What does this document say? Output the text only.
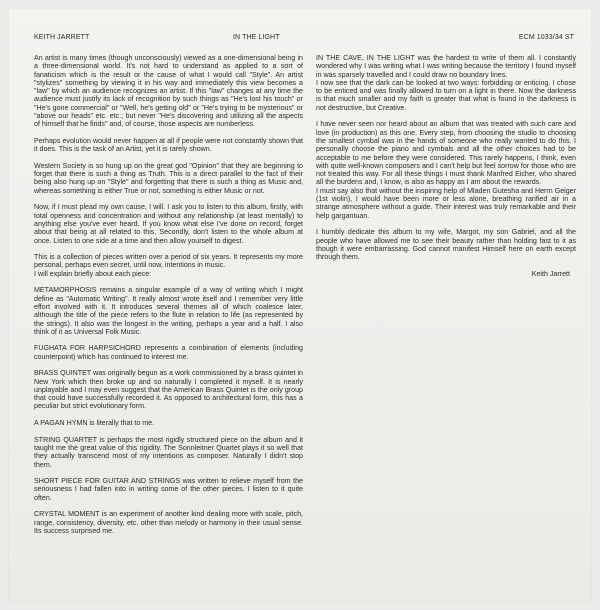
KEITH JARRETT	IN THE LIGHT	ECM 1033/34 ST

An artist is many times (though unconsciously) viewed as a one-dimensional being in a three-dimensional world. It's not hard to understand as applied to a sort of fanaticism which is the result or the cause of what I would call "Style". An artist "stylizes" something by viewing it in his way and immediately this view becomes a "law" by which an audience recognizes an artist. If this "law" changes at any time the audience must justify its lack of recognition by such things as "He's lost his touch" or "He's gone commercial" or "Well, he's getting old" or "He's trying to be mysterious" or "above our heads" etc. etc.; but never "He's discovering and utilizing all the aspects of himself that he finds" and, of course, those aspects are numberless.

Perhaps evolution would never happen at all if people were not constantly shown that it does. This is the task of an Artist, yet it is rarely shown.

Western Society is so hung up on the great god "Opinion" that they are beginning to forget that there is such a thing as Truth. This is a direct parallel to the fact of their being also hung up on "Style" and forgetting that there is such a thing as Music and, whereas something is either True or not, something is either Music or not.

Now, if I must plead my own cause, I will. I ask you to listen to this album, firstly, with total openness and concentration and without any relationship (at least mentally) to anything else you've ever heard. If you know what else I've done on record, forget about that being at all related to this. Secondly, don't listen to the whole album at once. Listen to one side at a time and then allow yourself to digest.

This is a collection of pieces written over a period of six years. It represents my more personal, perhaps even secret, until now, intentions in music.

I will explain briefly about each piece:

METAMORPHOSIS remains a singular example of a way of writing which I might define as "Automatic Writing". It really almost wrote itself and I remember very little effort involved with it. It introduces several themes all of which coalesce later, although the title of the piece refers to the flute in relation to life (as represented by the strings). It also was the longest in the writing, perhaps a year and a half. I also think of it as Universal Folk Music.

FUGHATA FOR HARPSICHORD represents a combination of elements (including counterpoint) which has continued to interest me.

BRASS QUINTET was originally begun as a work commissioned by a brass quintet in New York which then broke up and so naturally I completed it myself. It is nearly unplayable and I may even suggest that the American Brass Quintet is the only group that could have successfully recorded it. As opposed to architectural form, this has a peculiar but strict evolutionary form.

A PAGAN HYMN is literally that to me.

STRING QUARTET is perhaps the most rigidly structured piece on the album and it taught me the great value of this rigidity. The Sonnleitner Quartet plays it so well that they actually transcend most of my intentions as composer. Naturally I didn't stop them.

SHORT PIECE FOR GUITAR AND STRINGS was written to relieve myself from the seriousness I had fallen into in writing some of the other pieces. I listen to it quite often.

CRYSTAL MOMENT is an experiment of another kind dealing more with scale, pitch, range, consistency, diversity, etc. other than melody or harmony in their usual sense. Its success surprised me.

IN THE CAVE, IN THE LIGHT was the hardest to write of them all. I constantly wondered why I was writing what I was writing because the territory I found myself in was sparsely travelled and I could draw no boundary lines.

I now see that the dark can be looked at two ways: forbidding or enticing. I chose to be enticed and was finally allowed to turn on a light in there. Now the darkness is that much smaller and my faith is greater that what is found in the darkness is not destructive, but Creative.

I have never seen nor heard about an album that was treated with such care and love (in production) as this one. Every step, from choosing the studio to choosing the smallest cymbal was in the hands of someone who really wanted to do this. I personally choose the piano and cymbals and all the other choices had to be acceptable to me before they were considered. This rarely happens, I think, even with quite well-known composers and I can't help but feel sorrow for those who are not treated this way. For all these things I must thank Manfred Eicher, who shared all the burdens and, I know, is also as happy as I am about the rewards.

I must say also that without the inspiring help of Mladen Gutesha and Herrn Geiger (1st violin), I would have been more or less alone, breathing rarified air in a strange atmosphere without a guide. Their interest was truly remarkable and their help gargantuan.

I humbly dedicate this album to my wife, Margot, my son Gabriel, and all the people who have allowed me to see their beauty rather than holding fast to it as though it were embarrassing. God cannot manifest Himself here on earth except through them.

Keith Jarrett
